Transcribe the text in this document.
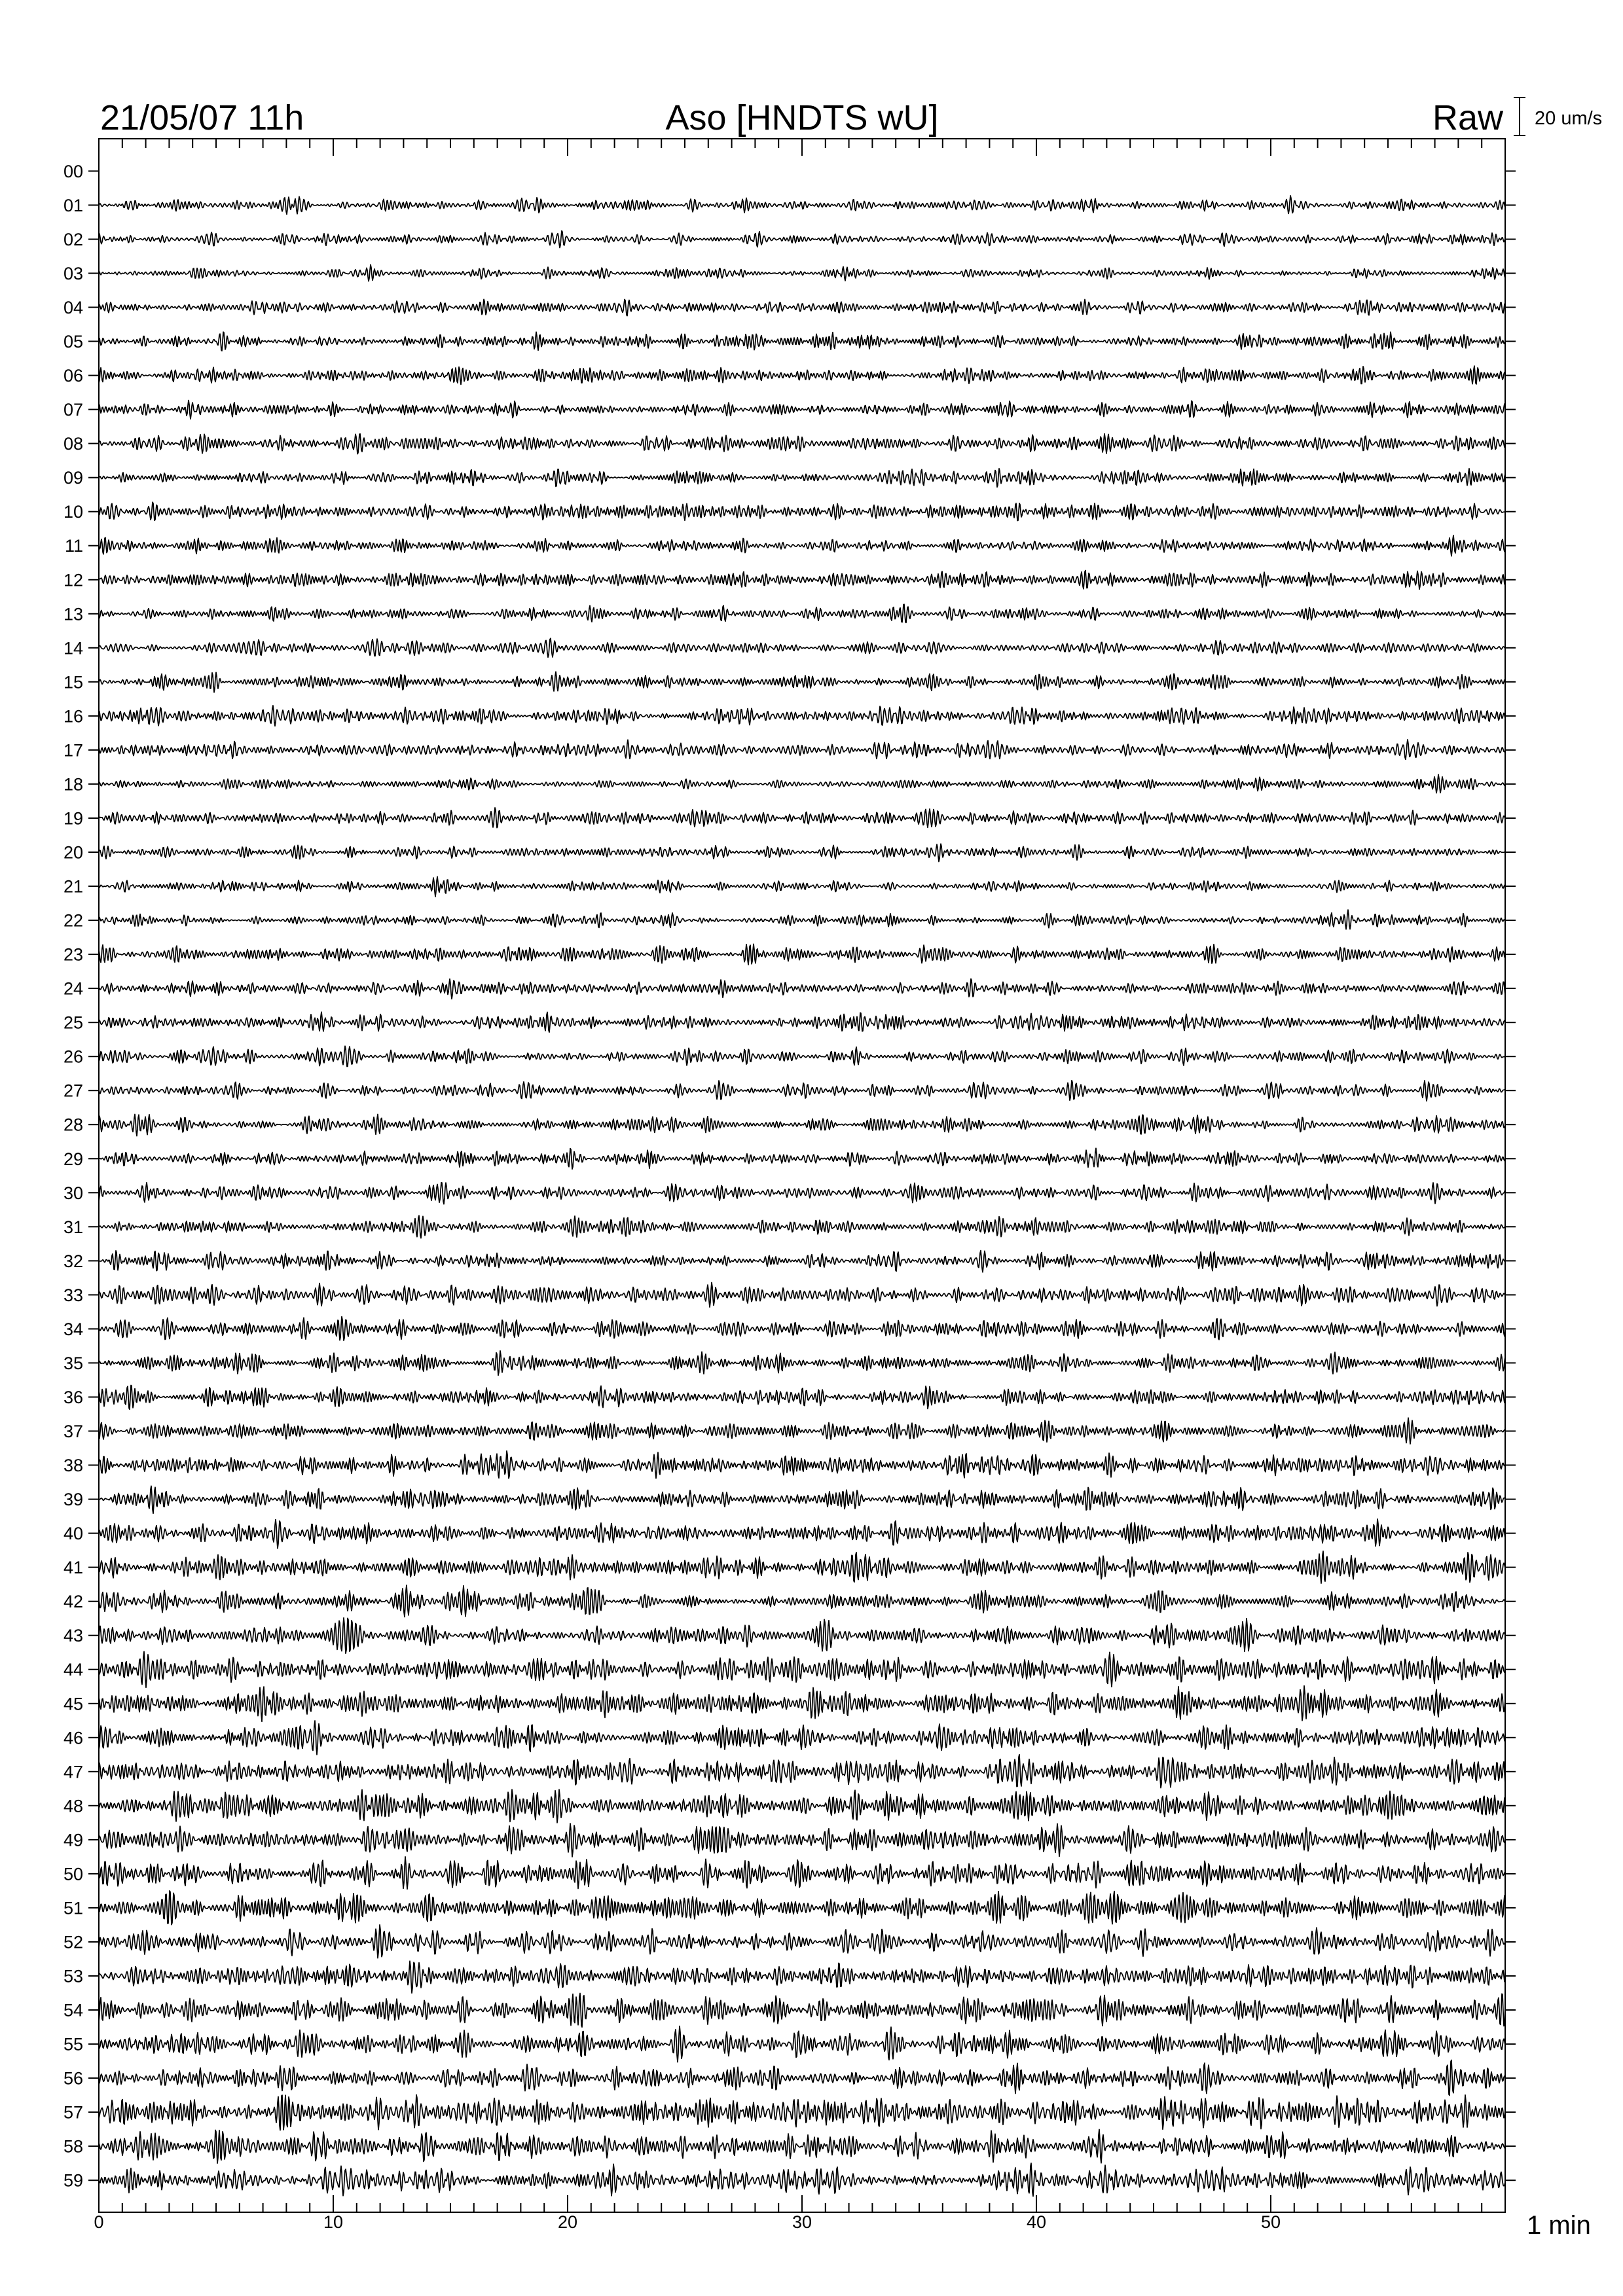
21/05/07 11h	Aso [HNDTS wU]	Raw 20 um/s
00
01
02
03
04
05
06
07
08
09
10
11
12
13
14
15
16
17
18
19
20
21
22
23
24
25
26
27
28
29
30
31
32
33
34
35
36
37
38
39
40
41
42
43
44
45
46
47
48
49
50
51
52
53
54
55
56
57
58
59
0	10	20	30	40	50	1 min
